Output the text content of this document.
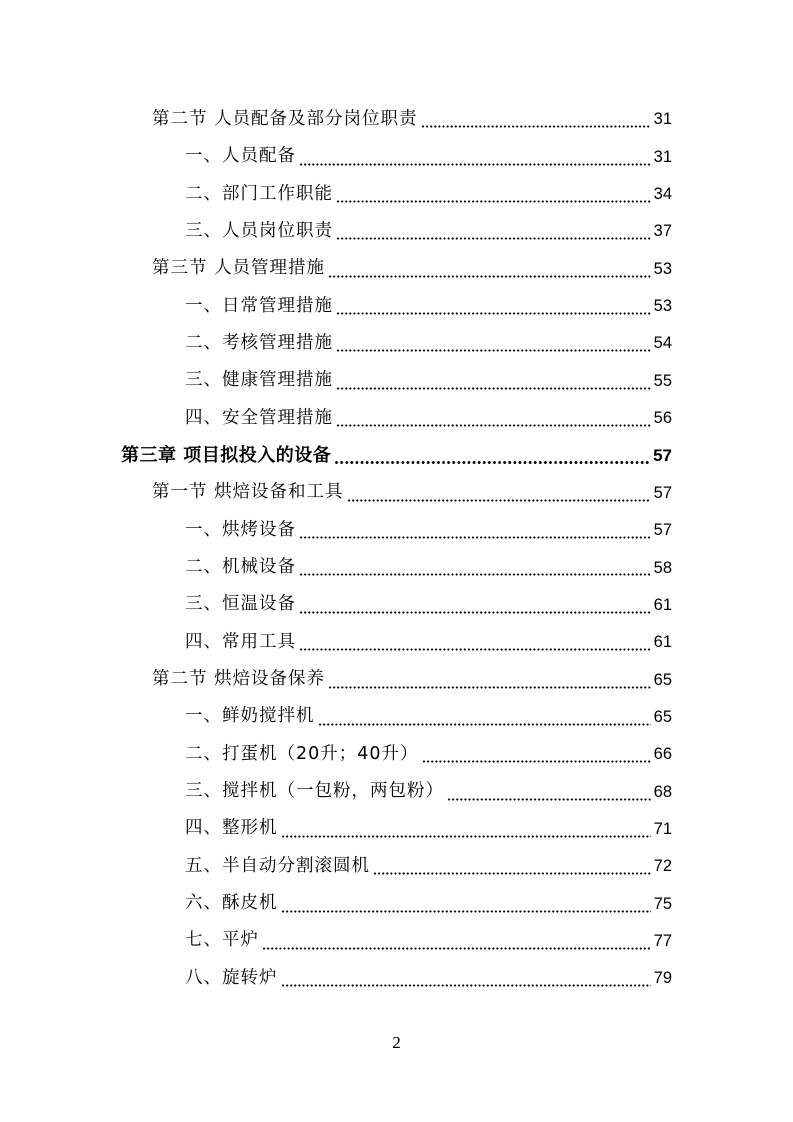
第二节 人员配备及部分岗位职责	31
一、人员配备	31
二、部门工作职能	34
三、人员岗位职责	37
第三节 人员管理措施	53
一、日常管理措施	53
二、考核管理措施	54
三、健康管理措施	55
四、安全管理措施	56
第三章 项目拟投入的设备	57
第一节 烘焙设备和工具	57
一、烘烤设备	57
二、机械设备	58
三、恒温设备	61
四、常用工具	61
第二节 烘焙设备保养	65
一、鲜奶搅拌机	65
二、打蛋机（20升；40升）	66
三、搅拌机（一包粉，两包粉）	68
四、整形机	71
五、半自动分割滚圆机	72
六、酥皮机	75
七、平炉	77
八、旋转炉	79
2
